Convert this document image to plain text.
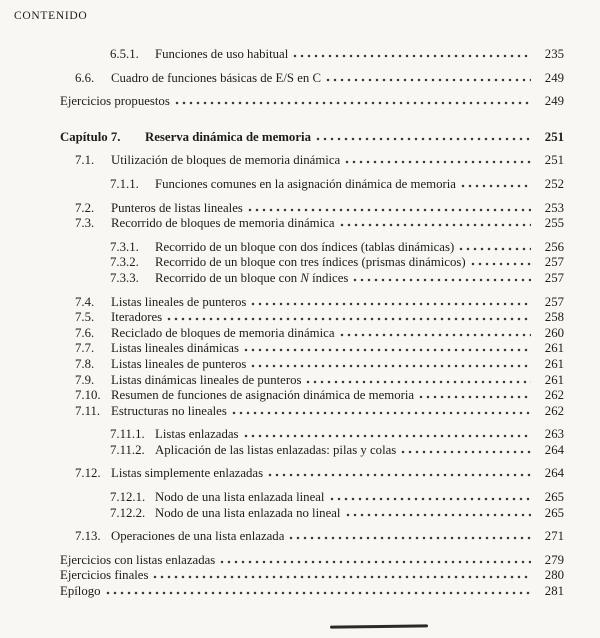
CONTENIDO
6.5.1.	Funciones de uso habitual	235
6.6.	Cuadro de funciones básicas de E/S en C	249
Ejercicios propuestos	249
Capítulo 7.	Reserva dinámica de memoria	251
7.1.	Utilización de bloques de memoria dinámica	251
7.1.1.	Funciones comunes en la asignación dinámica de memoria	252
7.2.	Punteros de listas lineales	253
7.3.	Recorrido de bloques de memoria dinámica	255
7.3.1.	Recorrido de un bloque con dos índices (tablas dinámicas)	256
7.3.2.	Recorrido de un bloque con tres índices (prismas dinámicos)	257
7.3.3.	Recorrido de un bloque con N índices	257
7.4.	Listas lineales de punteros	257
7.5.	Iteradores	258
7.6.	Reciclado de bloques de memoria dinámica	260
7.7.	Listas lineales dinámicas	261
7.8.	Listas lineales de punteros	261
7.9.	Listas dinámicas lineales de punteros	261
7.10. Resumen de funciones de asignación dinámica de memoria	262
7.11. Estructuras no lineales	262
7.11.1. Listas enlazadas	263
7.11.2. Aplicación de las listas enlazadas: pilas y colas	264
7.12. Listas simplemente enlazadas	264
7.12.1. Nodo de una lista enlazada lineal	265
7.12.2. Nodo de una lista enlazada no lineal	265
7.13. Operaciones de una lista enlazada	271
Ejercicios con listas enlazadas	279
Ejercicios finales	280
Epílogo	281
